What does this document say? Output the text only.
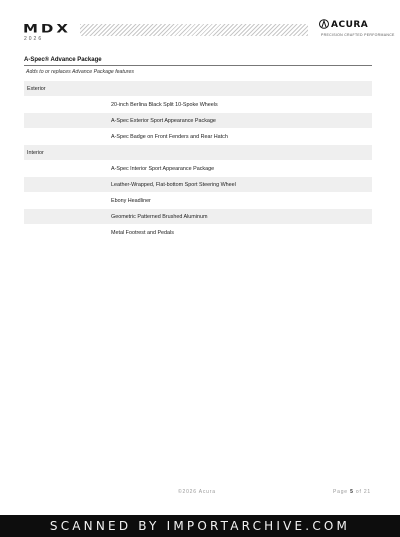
MDX
2026
ACURA
PRECISION CRAFTED PERFORMANCE
A-Spec® Advance Package
Adds to or replaces Advance Package features
Exterior
20-inch Berlina Black Split 10-Spoke Wheels
A-Spec Exterior Sport Appearance Package
A-Spec Badge on Front Fenders and Rear Hatch
Interior
A-Spec Interior Sport Appearance Package
Leather-Wrapped, Flat-bottom Sport Steering Wheel
Ebony Headliner
Geometric Patterned Brushed Aluminum
Metal Footrest and Pedals
©2026 Acura	Page 5 of 21
SCANNED BY IMPORTARCHIVE.COM
